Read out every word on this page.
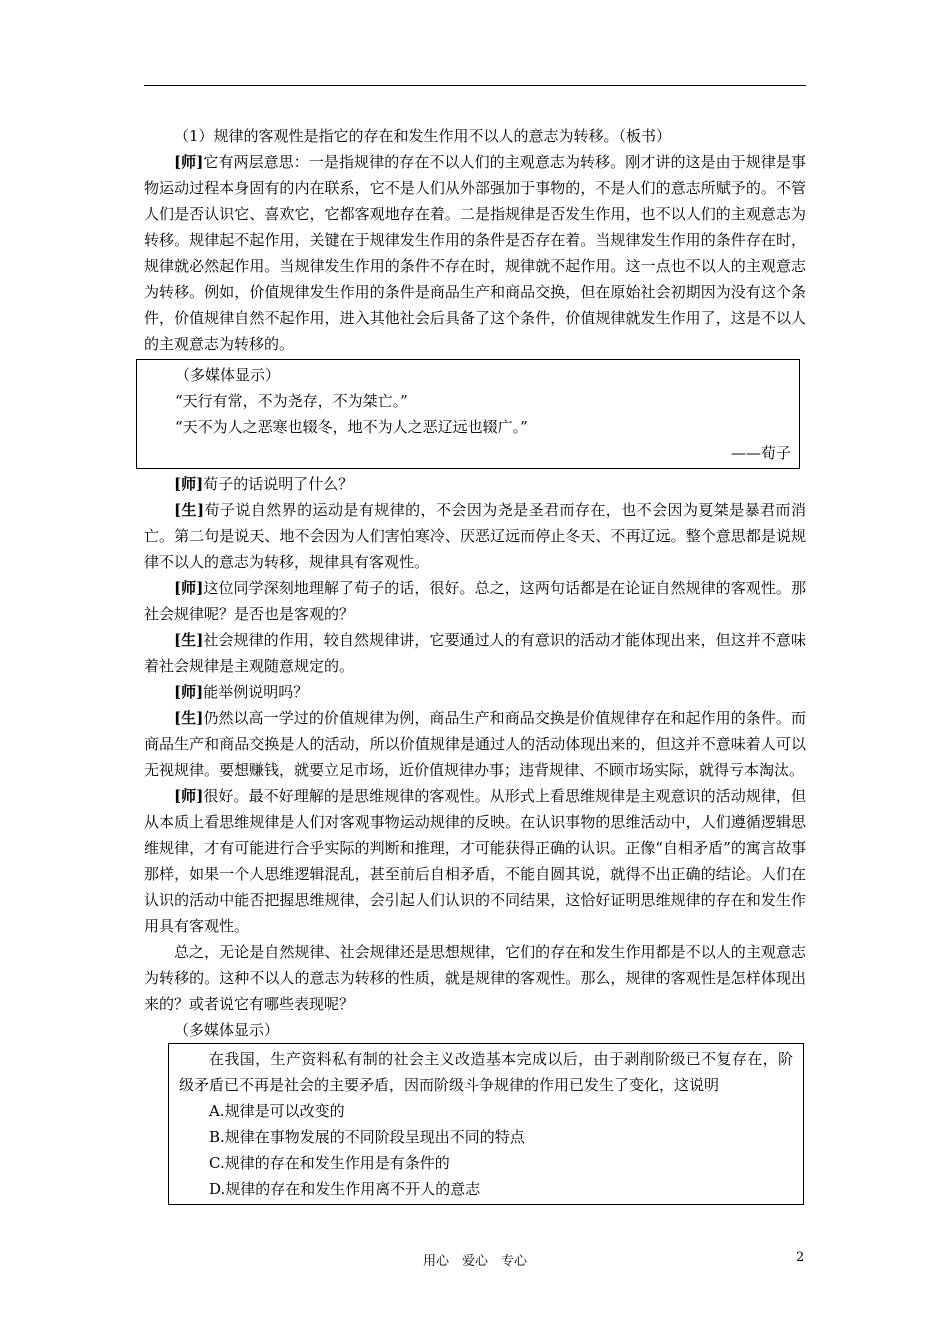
（1）规律的客观性是指它的存在和发生作用不以人的意志为转移。（板书）

[师]它有两层意思：一是指规律的存在不以人们的主观意志为转移。刚才讲的这是由于规律是事物运动过程本身固有的内在联系，它不是人们从外部强加于事物的，不是人们的意志所赋予的。不管人们是否认识它、喜欢它，它都客观地存在着。二是指规律是否发生作用，也不以人们的主观意志为转移。规律起不起作用，关键在于规律发生作用的条件是否存在着。当规律发生作用的条件存在时，规律就必然起作用。当规律发生作用的条件不存在时，规律就不起作用。这一点也不以人的主观意志为转移。例如，价值规律发生作用的条件是商品生产和商品交换，但在原始社会初期因为没有这个条件，价值规律自然不起作用，进入其他社会后具备了这个条件，价值规律就发生作用了，这是不以人的主观意志为转移的。

（多媒体显示）

“天行有常，不为尧存，不为桀亡。”

“天不为人之恶寒也辍冬，地不为人之恶辽远也辍广。”

——荀子

[师]荀子的话说明了什么？

[生]荀子说自然界的运动是有规律的，不会因为尧是圣君而存在，也不会因为夏桀是暴君而消亡。第二句是说天、地不会因为人们害怕寒冷、厌恶辽远而停止冬天、不再辽远。整个意思都是说规律不以人的意志为转移，规律具有客观性。

[师]这位同学深刻地理解了荀子的话，很好。总之，这两句话都是在论证自然规律的客观性。那社会规律呢？是否也是客观的？

[生]社会规律的作用，较自然规律讲，它要通过人的有意识的活动才能体现出来，但这并不意味着社会规律是主观随意规定的。

[师]能举例说明吗？

[生]仍然以高一学过的价值规律为例，商品生产和商品交换是价值规律存在和起作用的条件。而商品生产和商品交换是人的活动，所以价值规律是通过人的活动体现出来的，但这并不意味着人可以无视规律。要想赚钱，就要立足市场，近价值规律办事；违背规律、不顾市场实际，就得亏本淘汰。

[师]很好。最不好理解的是思维规律的客观性。从形式上看思维规律是主观意识的活动规律，但从本质上看思维规律是人们对客观事物运动规律的反映。在认识事物的思维活动中，人们遵循逻辑思维规律，才有可能进行合乎实际的判断和推理，才可能获得正确的认识。正像“自相矛盾”的寓言故事那样，如果一个人思维逻辑混乱，甚至前后自相矛盾，不能自圆其说，就得不出正确的结论。人们在认识的活动中能否把握思维规律，会引起人们认识的不同结果，这恰好证明思维规律的存在和发生作用具有客观性。

总之，无论是自然规律、社会规律还是思想规律，它们的存在和发生作用都是不以人的主观意志为转移的。这种不以人的意志为转移的性质，就是规律的客观性。那么，规律的客观性是怎样体现出来的？或者说它有哪些表现呢？

（多媒体显示）

在我国，生产资料私有制的社会主义改造基本完成以后，由于剥削阶级已不复存在，阶级矛盾已不再是社会的主要矛盾，因而阶级斗争规律的作用已发生了变化，这说明

A.规律是可以改变的

B.规律在事物发展的不同阶段呈现出不同的特点

C.规律的存在和发生作用是有条件的

D.规律的存在和发生作用离不开人的意志

用心　爱心　专心	2
